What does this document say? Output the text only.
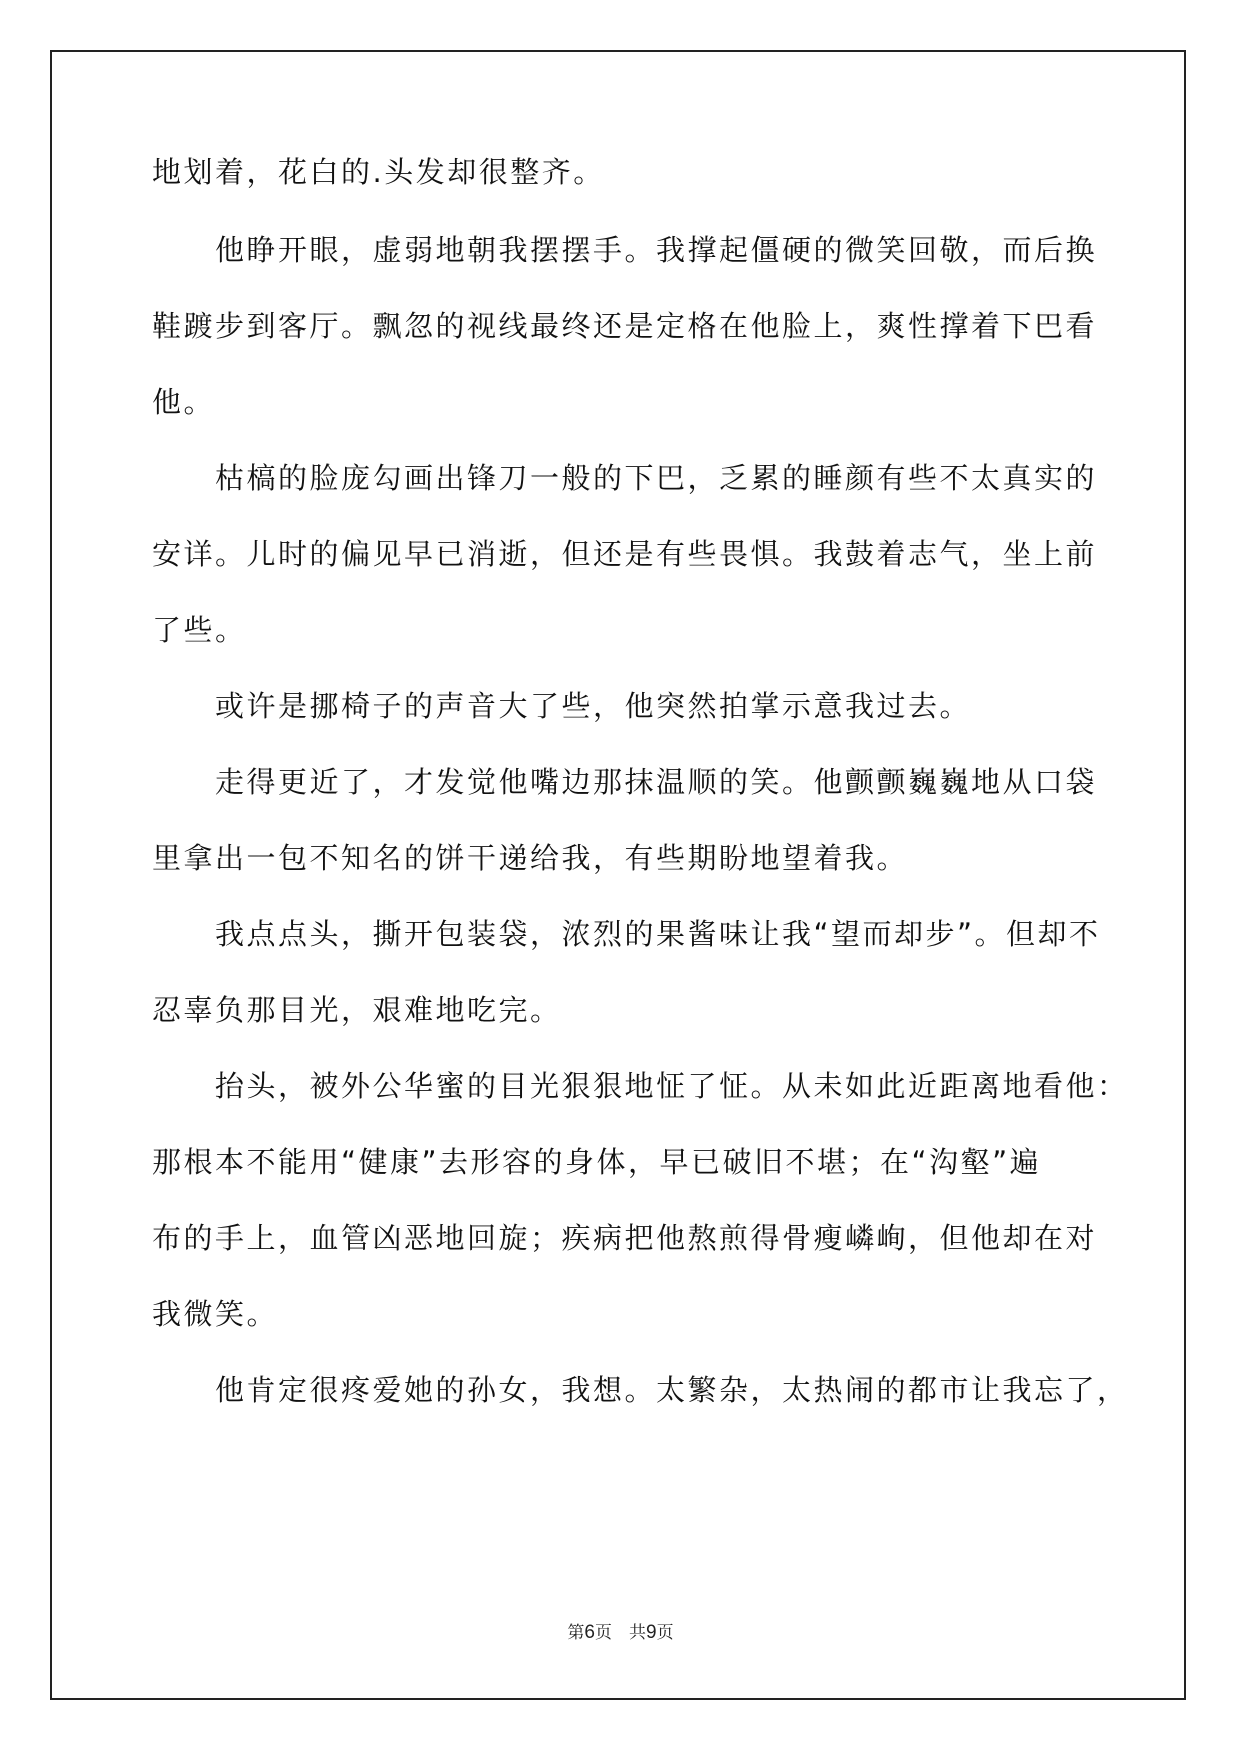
地划着，花白的.头发却很整齐。
　　他睁开眼，虚弱地朝我摆摆手。我撑起僵硬的微笑回敬，而后换
鞋踱步到客厅。飘忽的视线最终还是定格在他脸上，爽性撑着下巴看
他。
　　枯槁的脸庞勾画出锋刀一般的下巴，乏累的睡颜有些不太真实的
安详。儿时的偏见早已消逝，但还是有些畏惧。我鼓着志气，坐上前
了些。
　　或许是挪椅子的声音大了些，他突然拍掌示意我过去。
　　走得更近了，才发觉他嘴边那抹温顺的笑。他颤颤巍巍地从口袋
里拿出一包不知名的饼干递给我，有些期盼地望着我。
　　我点点头，撕开包装袋，浓烈的果酱味让我“望而却步”。但却不
忍辜负那目光，艰难地吃完。
　　抬头，被外公华蜜的目光狠狠地怔了怔。从未如此近距离地看他：
那根本不能用“健康”去形容的身体，早已破旧不堪；在“沟壑”遍
布的手上，血管凶恶地回旋；疾病把他熬煎得骨瘦嶙峋，但他却在对
我微笑。
　　他肯定很疼爱她的孙女，我想。太繁杂，太热闹的都市让我忘了，
第6页　共9页
